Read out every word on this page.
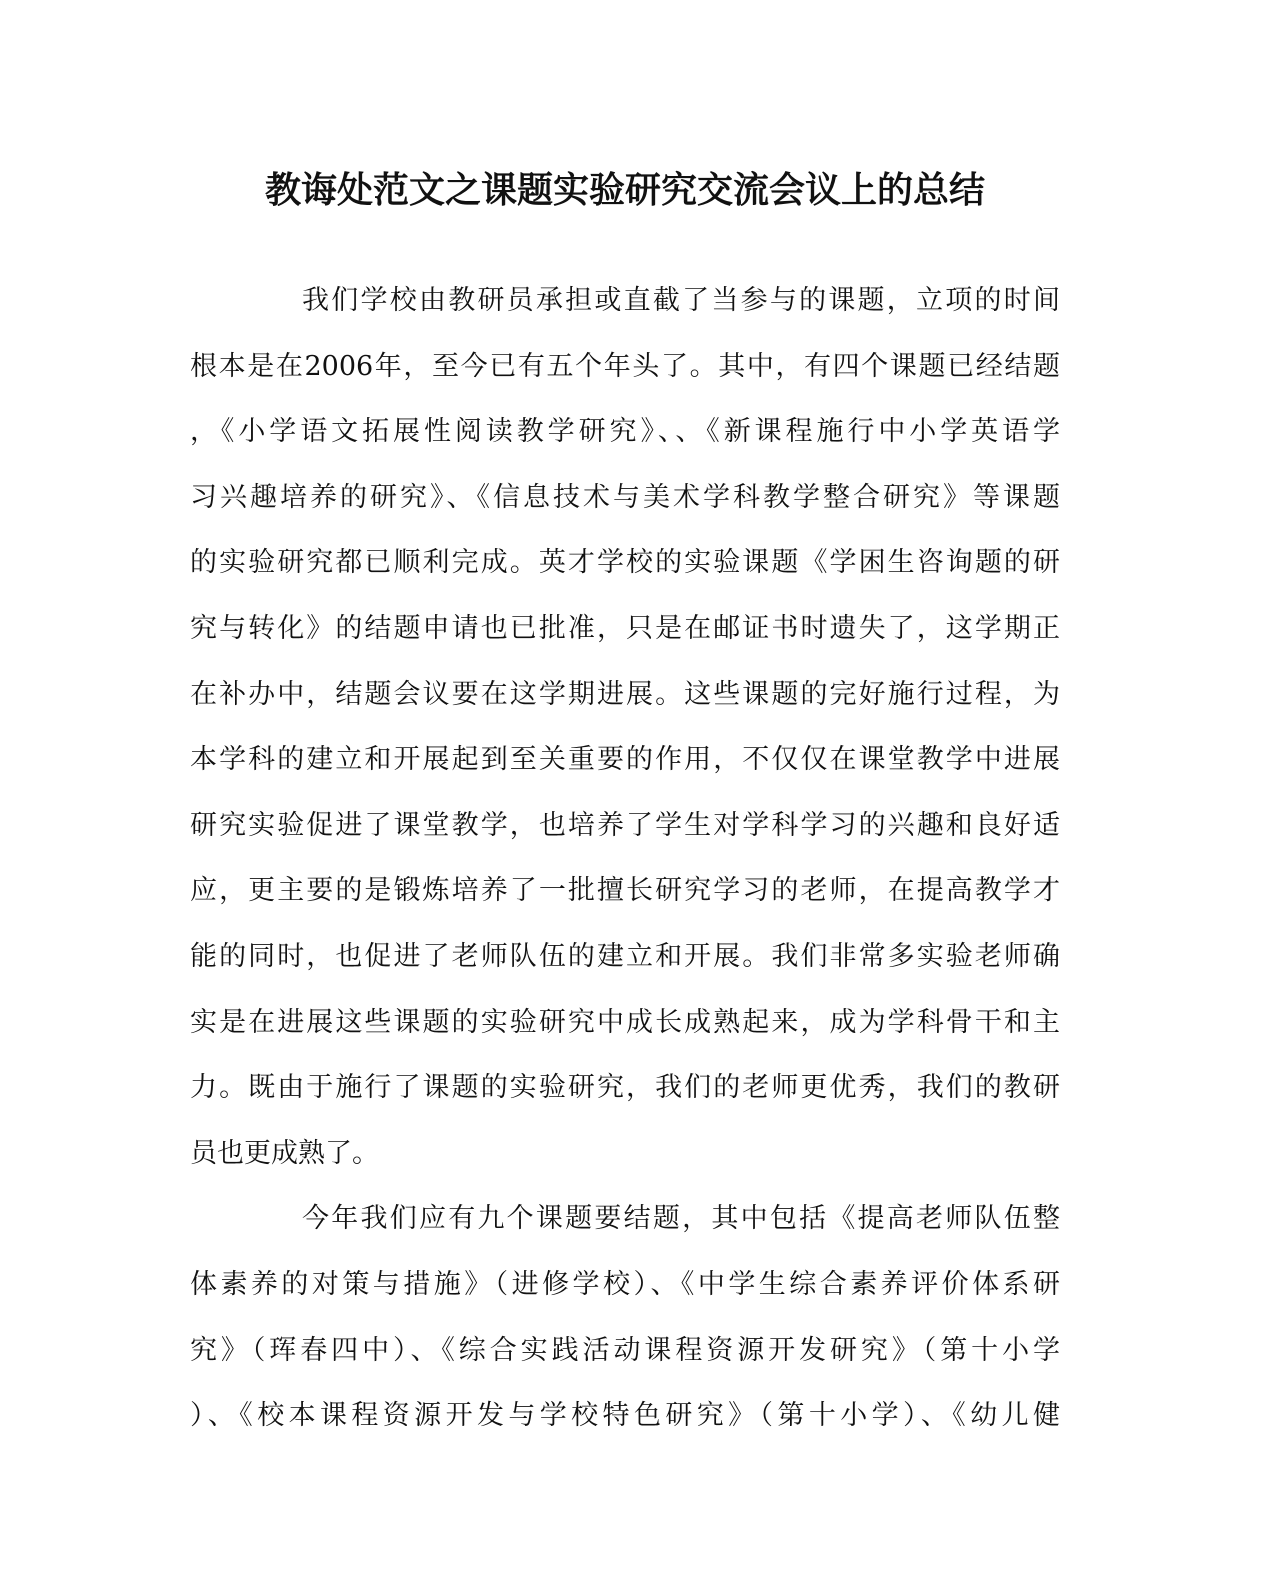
教诲处范文之课题实验研究交流会议上的总结

我们学校由教研员承担或直截了当参与的课题，立项的时间
根本是在2006年，至今已有五个年头了。其中，有四个课题已经结题
，《小学语文拓展性阅读教学研究》、、《新课程施行中小学英语学
习兴趣培养的研究》、《信息技术与美术学科教学整合研究》等课题
的实验研究都已顺利完成。英才学校的实验课题《学困生咨询题的研
究与转化》的结题申请也已批准，只是在邮证书时遗失了，这学期正
在补办中，结题会议要在这学期进展。这些课题的完好施行过程，为
本学科的建立和开展起到至关重要的作用，不仅仅在课堂教学中进展
研究实验促进了课堂教学，也培养了学生对学科学习的兴趣和良好适
应，更主要的是锻炼培养了一批擅长研究学习的老师，在提高教学才
能的同时，也促进了老师队伍的建立和开展。我们非常多实验老师确
实是在进展这些课题的实验研究中成长成熟起来，成为学科骨干和主
力。既由于施行了课题的实验研究，我们的老师更优秀，我们的教研
员也更成熟了。

今年我们应有九个课题要结题，其中包括《提高老师队伍整
体素养的对策与措施》（进修学校）、《中学生综合素养评价体系研
究》（珲春四中）、《综合实践活动课程资源开发研究》（第十小学
）、《校本课程资源开发与学校特色研究》（第十小学）、《幼儿健
